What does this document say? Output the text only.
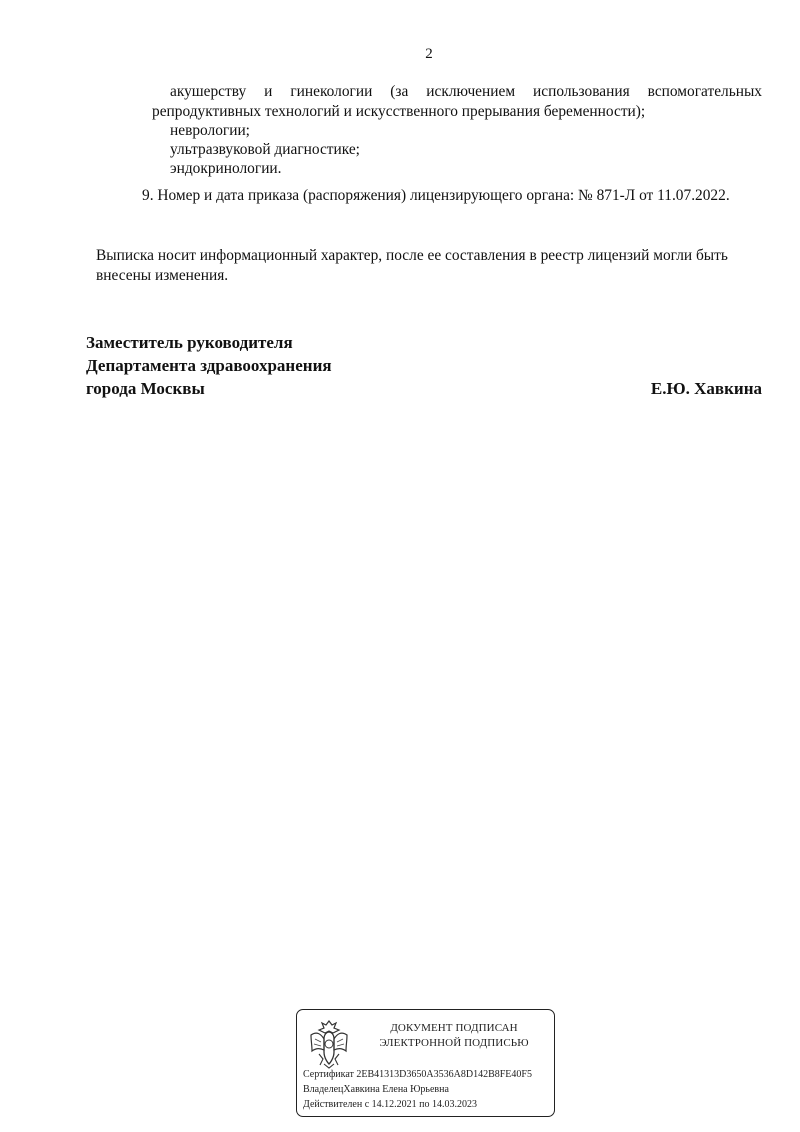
2
акушерству и гинекологии (за исключением использования вспомогательных
репродуктивных технологий и искусственного прерывания беременности);
неврологии;
ультразвуковой диагностике;
эндокринологии.
9. Номер и дата приказа (распоряжения) лицензирующего органа: № 871-Л от 11.07.2022.
Выписка носит информационный характер, после ее составления в реестр лицензий могли быть внесены изменения.
Заместитель руководителя
Департамента здравоохранения
города Москвы	Е.Ю. Хавкина
ДОКУМЕНТ ПОДПИСАН
ЭЛЕКТРОННОЙ ПОДПИСЬЮ
Сертификат 2EB41313D3650A3536A8D142B8FE40F5
ВладелецХавкина Елена Юрьевна
Действителен с 14.12.2021 по 14.03.2023
